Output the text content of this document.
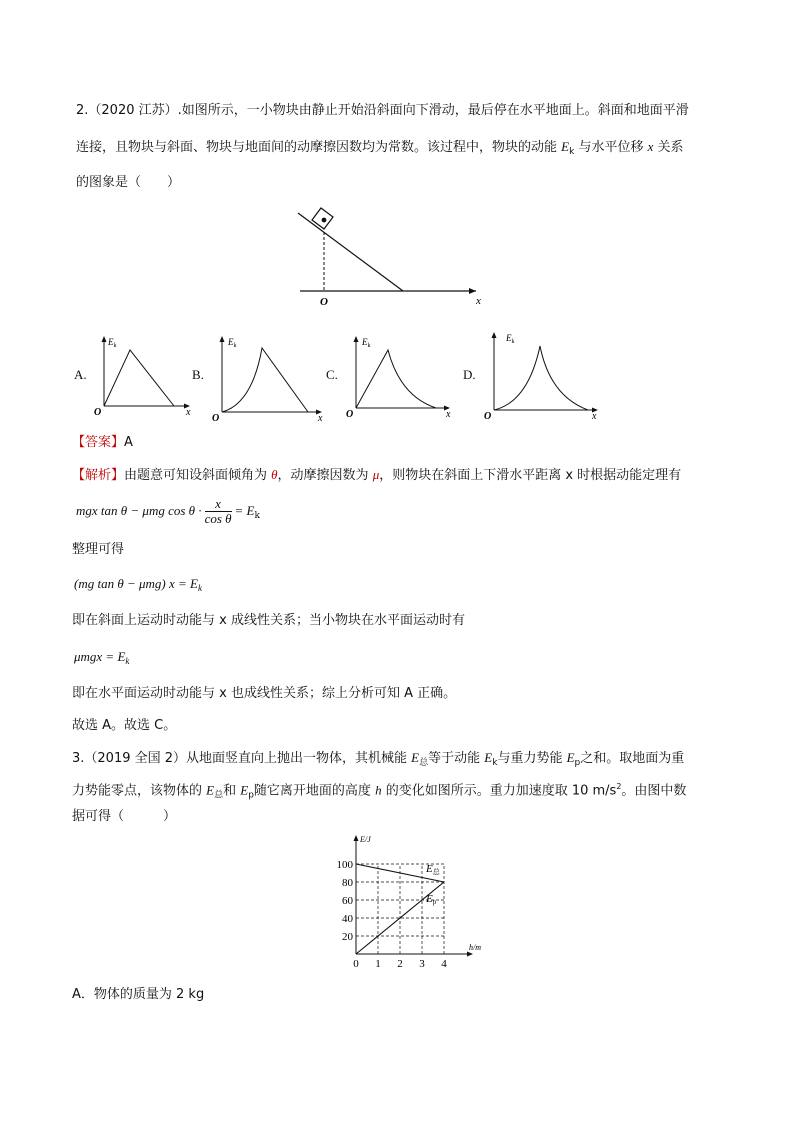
2.（2020 江苏）.如图所示，一小物块由静止开始沿斜面向下滑动，最后停在水平地面上。斜面和地面平滑
连接，且物块与斜面、物块与地面间的动摩擦因数均为常数。该过程中，物块的动能 $E_k$ 与水平位移 x 关系
的图象是（　　）
O	x
A.
$E_k$
O	x
B.
$E_k$
O	x
C.
$E_k$
O	x
D.
$E_k$
O	x
【答案】A
【解析】由题意可知设斜面倾角为 θ，动摩擦因数为 μ，则物块在斜面上下滑水平距离 x 时根据动能定理有
mgx tan θ − μmg $\cos \theta \cdot \frac{x}{\text{cos θ}} = E_k$
整理可得
(mg tan θ − μmg) $x = E_k$
即在斜面上运动时动能与 x 成线性关系；当小物块在水平面运动时有
$\mu mgx = E_k$
即在水平面运动时动能与 x 也成线性关系；综上分析可知 A 正确。
故选 A。故选 C。
3.（2019 全国 2）从地面竖直向上抛出一物体，其机械能 $E_总$等于动能 $E_k$与重力势能 $E_p$之和。取地面为重
力势能零点，该物体的 $E_总$和 $E_p$随它离开地面的高度 h 的变化如图所示。重力加速度取 10 $m/s^2$。由图中数
据可得（　　　）
E/J
h/m
20
40
60
80
100
0 1 2 3 4
E总
Ep
A．物体的质量为 2 kg
